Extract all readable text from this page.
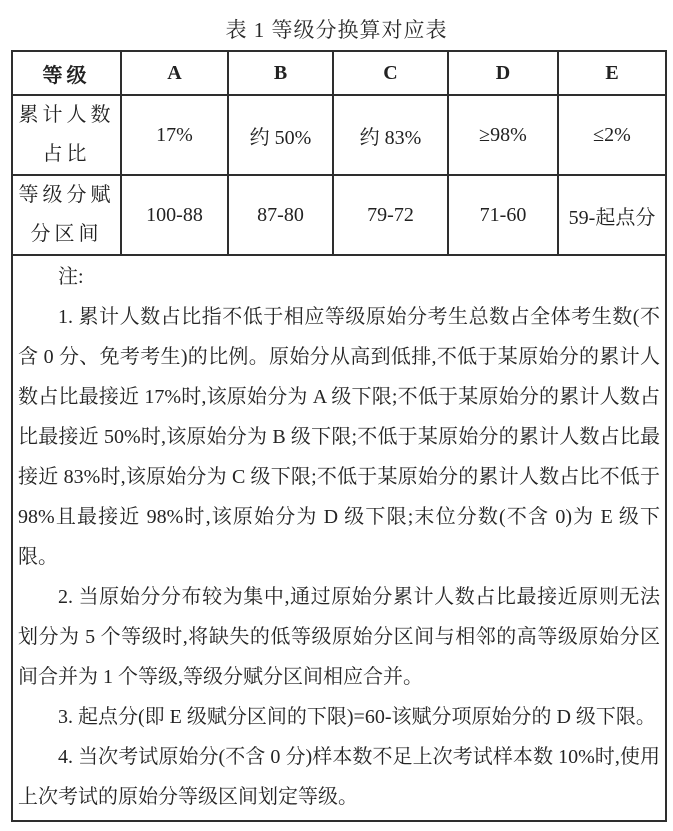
表 1 等级分换算对应表
等级	A	B	C	D	E

累计人数
占比	17%	约 50%	约 83%	≥98%	≤2%

等级分赋
分区间	100-88	87-80	79-72	71-60	59-起点分

注:

1. 累计人数占比指不低于相应等级原始分考生总数占全体考生数(不含 0 分、免考考生)的比例。原始分从高到低排,不低于某原始分的累计人数占比最接近 17%时,该原始分为 A 级下限;不低于某原始分的累计人数占比最接近 50%时,该原始分为 B 级下限;不低于某原始分的累计人数占比最接近 83%时,该原始分为 C 级下限;不低于某原始分的累计人数占比不低于 98%且最接近 98%时,该原始分为 D 级下限;末位分数(不含 0)为 E 级下限。

2. 当原始分分布较为集中,通过原始分累计人数占比最接近原则无法划分为 5 个等级时,将缺失的低等级原始分区间与相邻的高等级原始分区间合并为 1 个等级,等级分赋分区间相应合并。

3. 起点分(即 E 级赋分区间的下限)=60-该赋分项原始分的 D 级下限。

4. 当次考试原始分(不含 0 分)样本数不足上次考试样本数 10%时,使用上次考试的原始分等级区间划定等级。					
